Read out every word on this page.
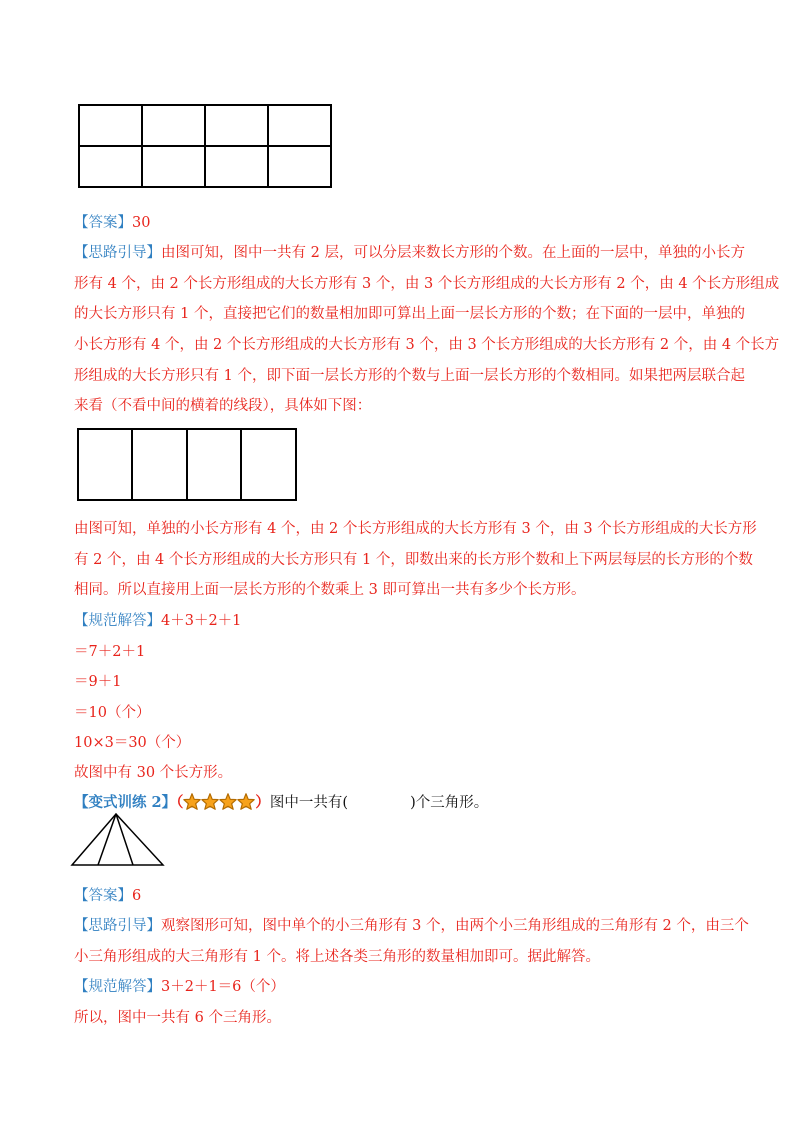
【答案】30
【思路引导】由图可知，图中一共有 2 层，可以分层来数长方形的个数。在上面的一层中，单独的小长方
形有 4 个，由 2 个长方形组成的大长方形有 3 个，由 3 个长方形组成的大长方形有 2 个，由 4 个长方形组成
的大长方形只有 1 个，直接把它们的数量相加即可算出上面一层长方形的个数；在下面的一层中，单独的
小长方形有 4 个，由 2 个长方形组成的大长方形有 3 个，由 3 个长方形组成的大长方形有 2 个，由 4 个长方
形组成的大长方形只有 1 个，即下面一层长方形的个数与上面一层长方形的个数相同。如果把两层联合起
来看（不看中间的横着的线段），具体如下图：
由图可知，单独的小长方形有 4 个，由 2 个长方形组成的大长方形有 3 个，由 3 个长方形组成的大长方形
有 2 个，由 4 个长方形组成的大长方形只有 1 个，即数出来的长方形个数和上下两层每层的长方形的个数
相同。所以直接用上面一层长方形的个数乘上 3 即可算出一共有多少个长方形。
【规范解答】4＋3＋2＋1
＝7＋2＋1
＝9＋1
＝10（个）
10×3＝30（个）
故图中有 30 个长方形。
【变式训练 2】（	）图中一共有(	)个三角形。
【答案】6
【思路引导】观察图形可知，图中单个的小三角形有 3 个，由两个小三角形组成的三角形有 2 个，由三个
小三角形组成的大三角形有 1 个。将上述各类三角形的数量相加即可。据此解答。
【规范解答】3＋2＋1＝6（个）
所以，图中一共有 6 个三角形。
